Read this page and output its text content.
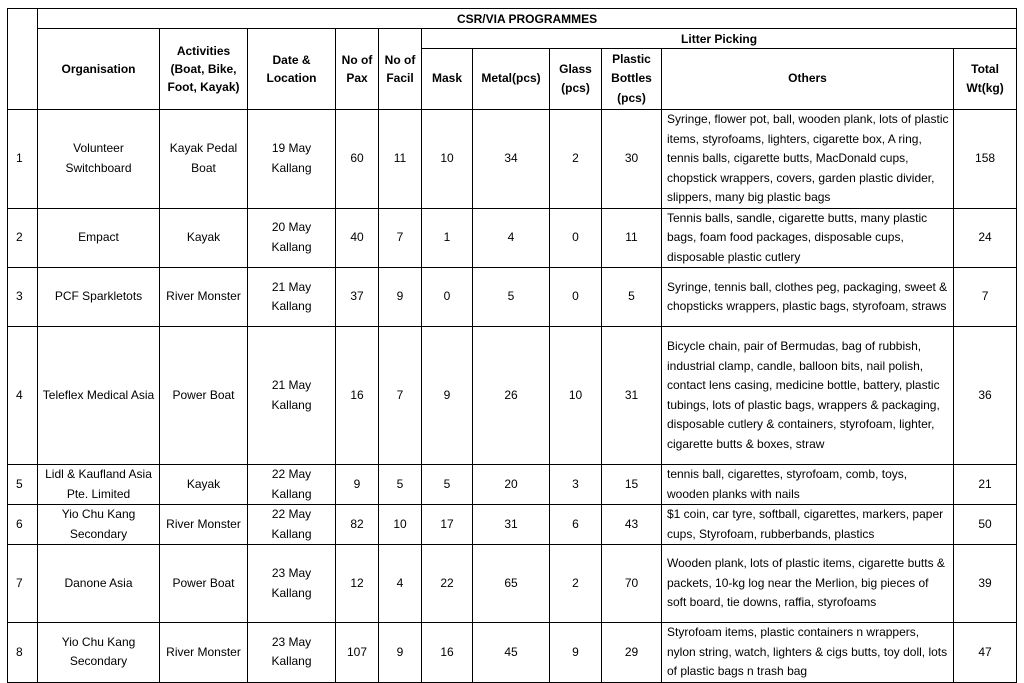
	CSR/VIA PROGRAMMES										
	Organisation	Activities (Boat, Bike, Foot, Kayak)	Date & Location	No of Pax	No of Facil	Litter Picking					
						Mask	Metal(pcs)	Glass (pcs)	Plastic Bottles (pcs)	Others	Total Wt(kg)
1	Volunteer Switchboard	Kayak Pedal Boat	19 May Kallang	60	11	10	34	2	30	Syringe, flower pot, ball, wooden plank, lots of plastic items, styrofoams, lighters, cigarette box, A ring, tennis balls, cigarette butts, MacDonald cups, chopstick wrappers, covers, garden plastic divider, slippers, many big plastic bags	158
2	Empact	Kayak	20 May Kallang	40	7	1	4	0	11	Tennis balls, sandle, cigarette butts, many plastic bags, foam food packages, disposable cups, disposable plastic cutlery	24
3	PCF Sparkletots	River Monster	21 May Kallang	37	9	0	5	0	5	Syringe, tennis ball, clothes peg, packaging, sweet & chopsticks wrappers, plastic bags, styrofoam, straws	7
4	Teleflex Medical Asia	Power Boat	21 May Kallang	16	7	9	26	10	31	Bicycle chain, pair of Bermudas, bag of rubbish, industrial clamp, candle, balloon bits, nail polish, contact lens casing, medicine bottle, battery, plastic tubings, lots of plastic bags, wrappers & packaging, disposable cutlery & containers, styrofoam, lighter, cigarette butts & boxes, straw	36
5	Lidl & Kaufland Asia Pte. Limited	Kayak	22 May Kallang	9	5	5	20	3	15	tennis ball, cigarettes, styrofoam, comb, toys, wooden planks with nails	21
6	Yio Chu Kang Secondary	River Monster	22 May Kallang	82	10	17	31	6	43	$1 coin, car tyre, softball, cigarettes, markers, paper cups, Styrofoam, rubberbands, plastics	50
7	Danone Asia	Power Boat	23 May Kallang	12	4	22	65	2	70	Wooden plank, lots of plastic items, cigarette butts & packets, 10-kg log near the Merlion, big pieces of soft board, tie downs, raffia, styrofoams	39
8	Yio Chu Kang Secondary	River Monster	23 May Kallang	107	9	16	45	9	29	Styrofoam items, plastic containers n wrappers, nylon string, watch, lighters & cigs butts, toy doll, lots of plastic bags n trash bag	47
